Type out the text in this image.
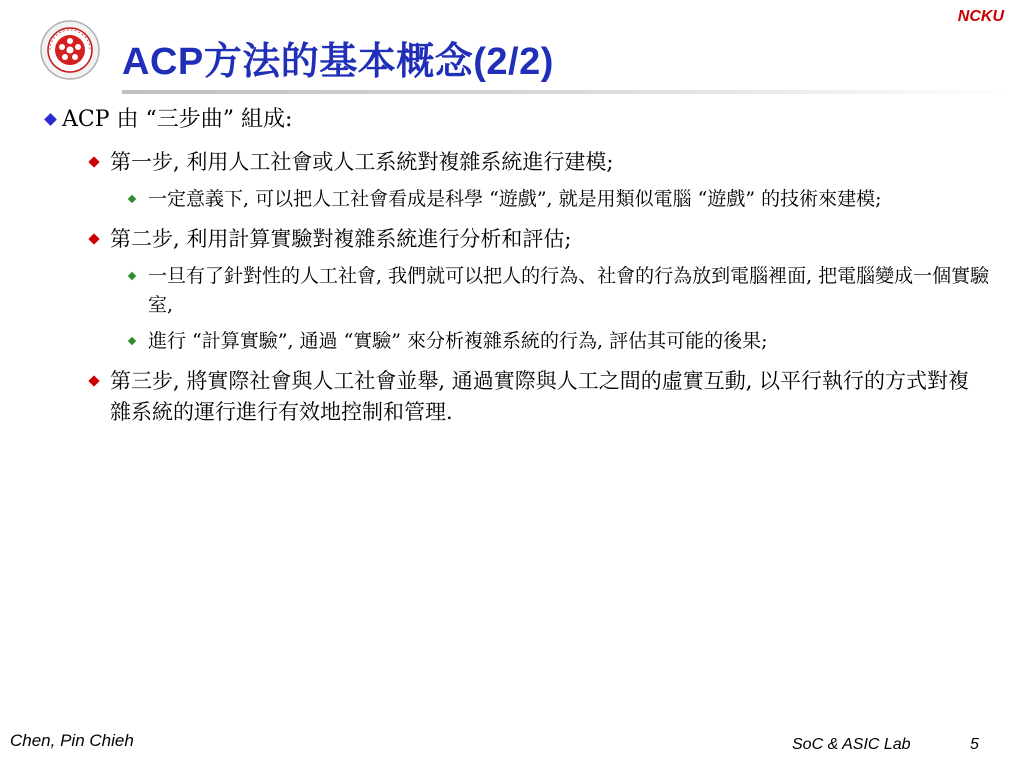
NCKU
ACP方法的基本概念(2/2)
ACP 由 “三步曲” 組成:
第一步, 利用人工社會或人工系統對複雜系統進行建模;
一定意義下, 可以把人工社會看成是科學 “遊戲”, 就是用類似電腦 “遊戲” 的技術來建模;
第二步, 利用計算實驗對複雜系統進行分析和評估;
一旦有了針對性的人工社會, 我們就可以把人的行為、社會的行為放到電腦裡面, 把電腦變成一個實驗室,
進行 “計算實驗”, 通過 “實驗” 來分析複雜系統的行為, 評估其可能的後果;
第三步, 將實際社會與人工社會並舉, 通過實際與人工之間的虛實互動, 以平行執行的方式對複雜系統的運行進行有效地控制和管理.
Chen, Pin Chieh	SoC & ASIC Lab	5
